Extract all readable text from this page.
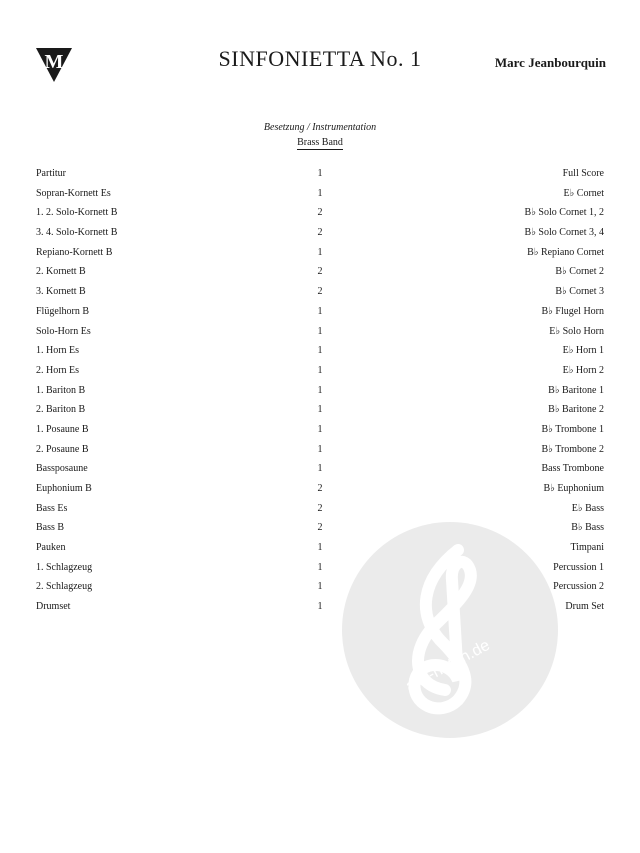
M	SINFONIETTA No. 1	Marc Jeanbourquin
Besetzung / Instrumentation
Brass Band
Partitur	1	Full Score
Sopran-Kornett Es	1	E♭ Cornet
1. 2. Solo-Kornett B	2	B♭ Solo Cornet 1, 2
3. 4. Solo-Kornett B	2	B♭ Solo Cornet 3, 4
Repiano-Kornett B	1	B♭ Repiano Cornet
2. Kornett B	2	B♭ Cornet 2
3. Kornett B	2	B♭ Cornet 3
Flügelhorn B	1	B♭ Flugel Horn
Solo-Horn Es	1	E♭ Solo Horn
1. Horn Es	1	E♭ Horn 1
2. Horn Es	1	E♭ Horn 2
1. Bariton B	1	B♭ Baritone 1
2. Bariton B	1	B♭ Baritone 2
1. Posaune B	1	B♭ Trombone 1
2. Posaune B	1	B♭ Trombone 2
Bassposaune	1	Bass Trombone
Euphonium B	2	B♭ Euphonium
Bass Es	2	E♭ Bass
Bass B	2	B♭ Bass
Pauken	1	Timpani
1. Schlagzeug	1	Percussion 1
2. Schlagzeug	1	Percussion 2
Drumset	1	Drum Set
alle-noten.de
